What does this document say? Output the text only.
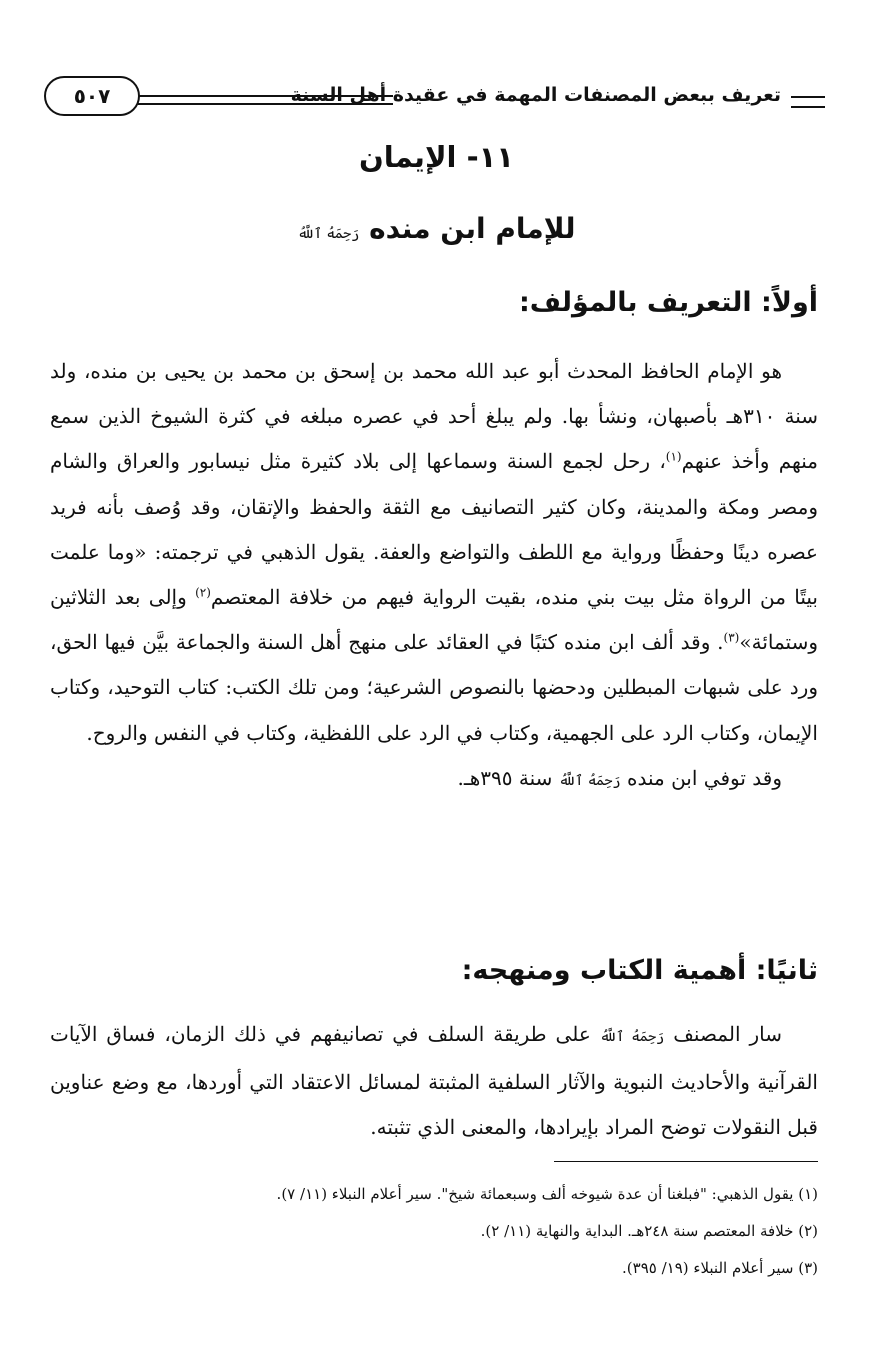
تعريف ببعض المصنفات المهمة في عقيدة أهل السنة
٥٠٧
١١- الإيمان
للإمام ابن منده رَحِمَهُ ٱللَّهُ
أولاً: التعريف بالمؤلف:

هو الإمام الحافظ المحدث أبو عبد الله محمد بن إسحق بن محمد بن يحيى بن منده، ولد سنة ٣١٠هـ بأصبهان، ونشأ بها. ولم يبلغ أحد في عصره مبلغه في كثرة الشيوخ الذين سمع منهم وأخذ عنهم$^{(١)}$، رحل لجمع السنة وسماعها إلى بلاد كثيرة مثل نيسابور والعراق والشام ومصر ومكة والمدينة، وكان كثير التصانيف مع الثقة والحفظ والإتقان، وقد وُصف بأنه فريد عصره دينًا وحفظًا ورواية مع اللطف والتواضع والعفة. يقول الذهبي في ترجمته: «وما علمت بيتًا من الرواة مثل بيت بني منده، بقيت الرواية فيهم من خلافة المعتصم$^{(٢)}$ وإلى بعد الثلاثين وستمائة»$^{(٣)}$. وقد ألف ابن منده كتبًا في العقائد على منهج أهل السنة والجماعة بيَّن فيها الحق، ورد على شبهات المبطلين ودحضها بالنصوص الشرعية؛ ومن تلك الكتب: كتاب التوحيد، وكتاب الإيمان، وكتاب الرد على الجهمية، وكتاب في الرد على اللفظية، وكتاب في النفس والروح.

وقد توفي ابن منده رَحِمَهُ ٱللَّهُ سنة ٣٩٥هـ.

ثانيًا: أهمية الكتاب ومنهجه:

سار المصنف رَحِمَهُ ٱللَّهُ على طريقة السلف في تصانيفهم في ذلك الزمان، فساق الآيات القرآنية والأحاديث النبوية والآثار السلفية المثبتة لمسائل الاعتقاد التي أوردها، مع وضع عناوين قبل النقولات توضح المراد بإيرادها، والمعنى الذي تثبته.

(١) يقول الذهبي: "فبلغنا أن عدة شيوخه ألف وسبعمائة شيخ". سير أعلام النبلاء (١١/ ٧).
(٢) خلافة المعتصم سنة ٢٤٨هـ. البداية والنهاية (١١/ ٢).
(٣) سير أعلام النبلاء (١٩/ ٣٩٥).
